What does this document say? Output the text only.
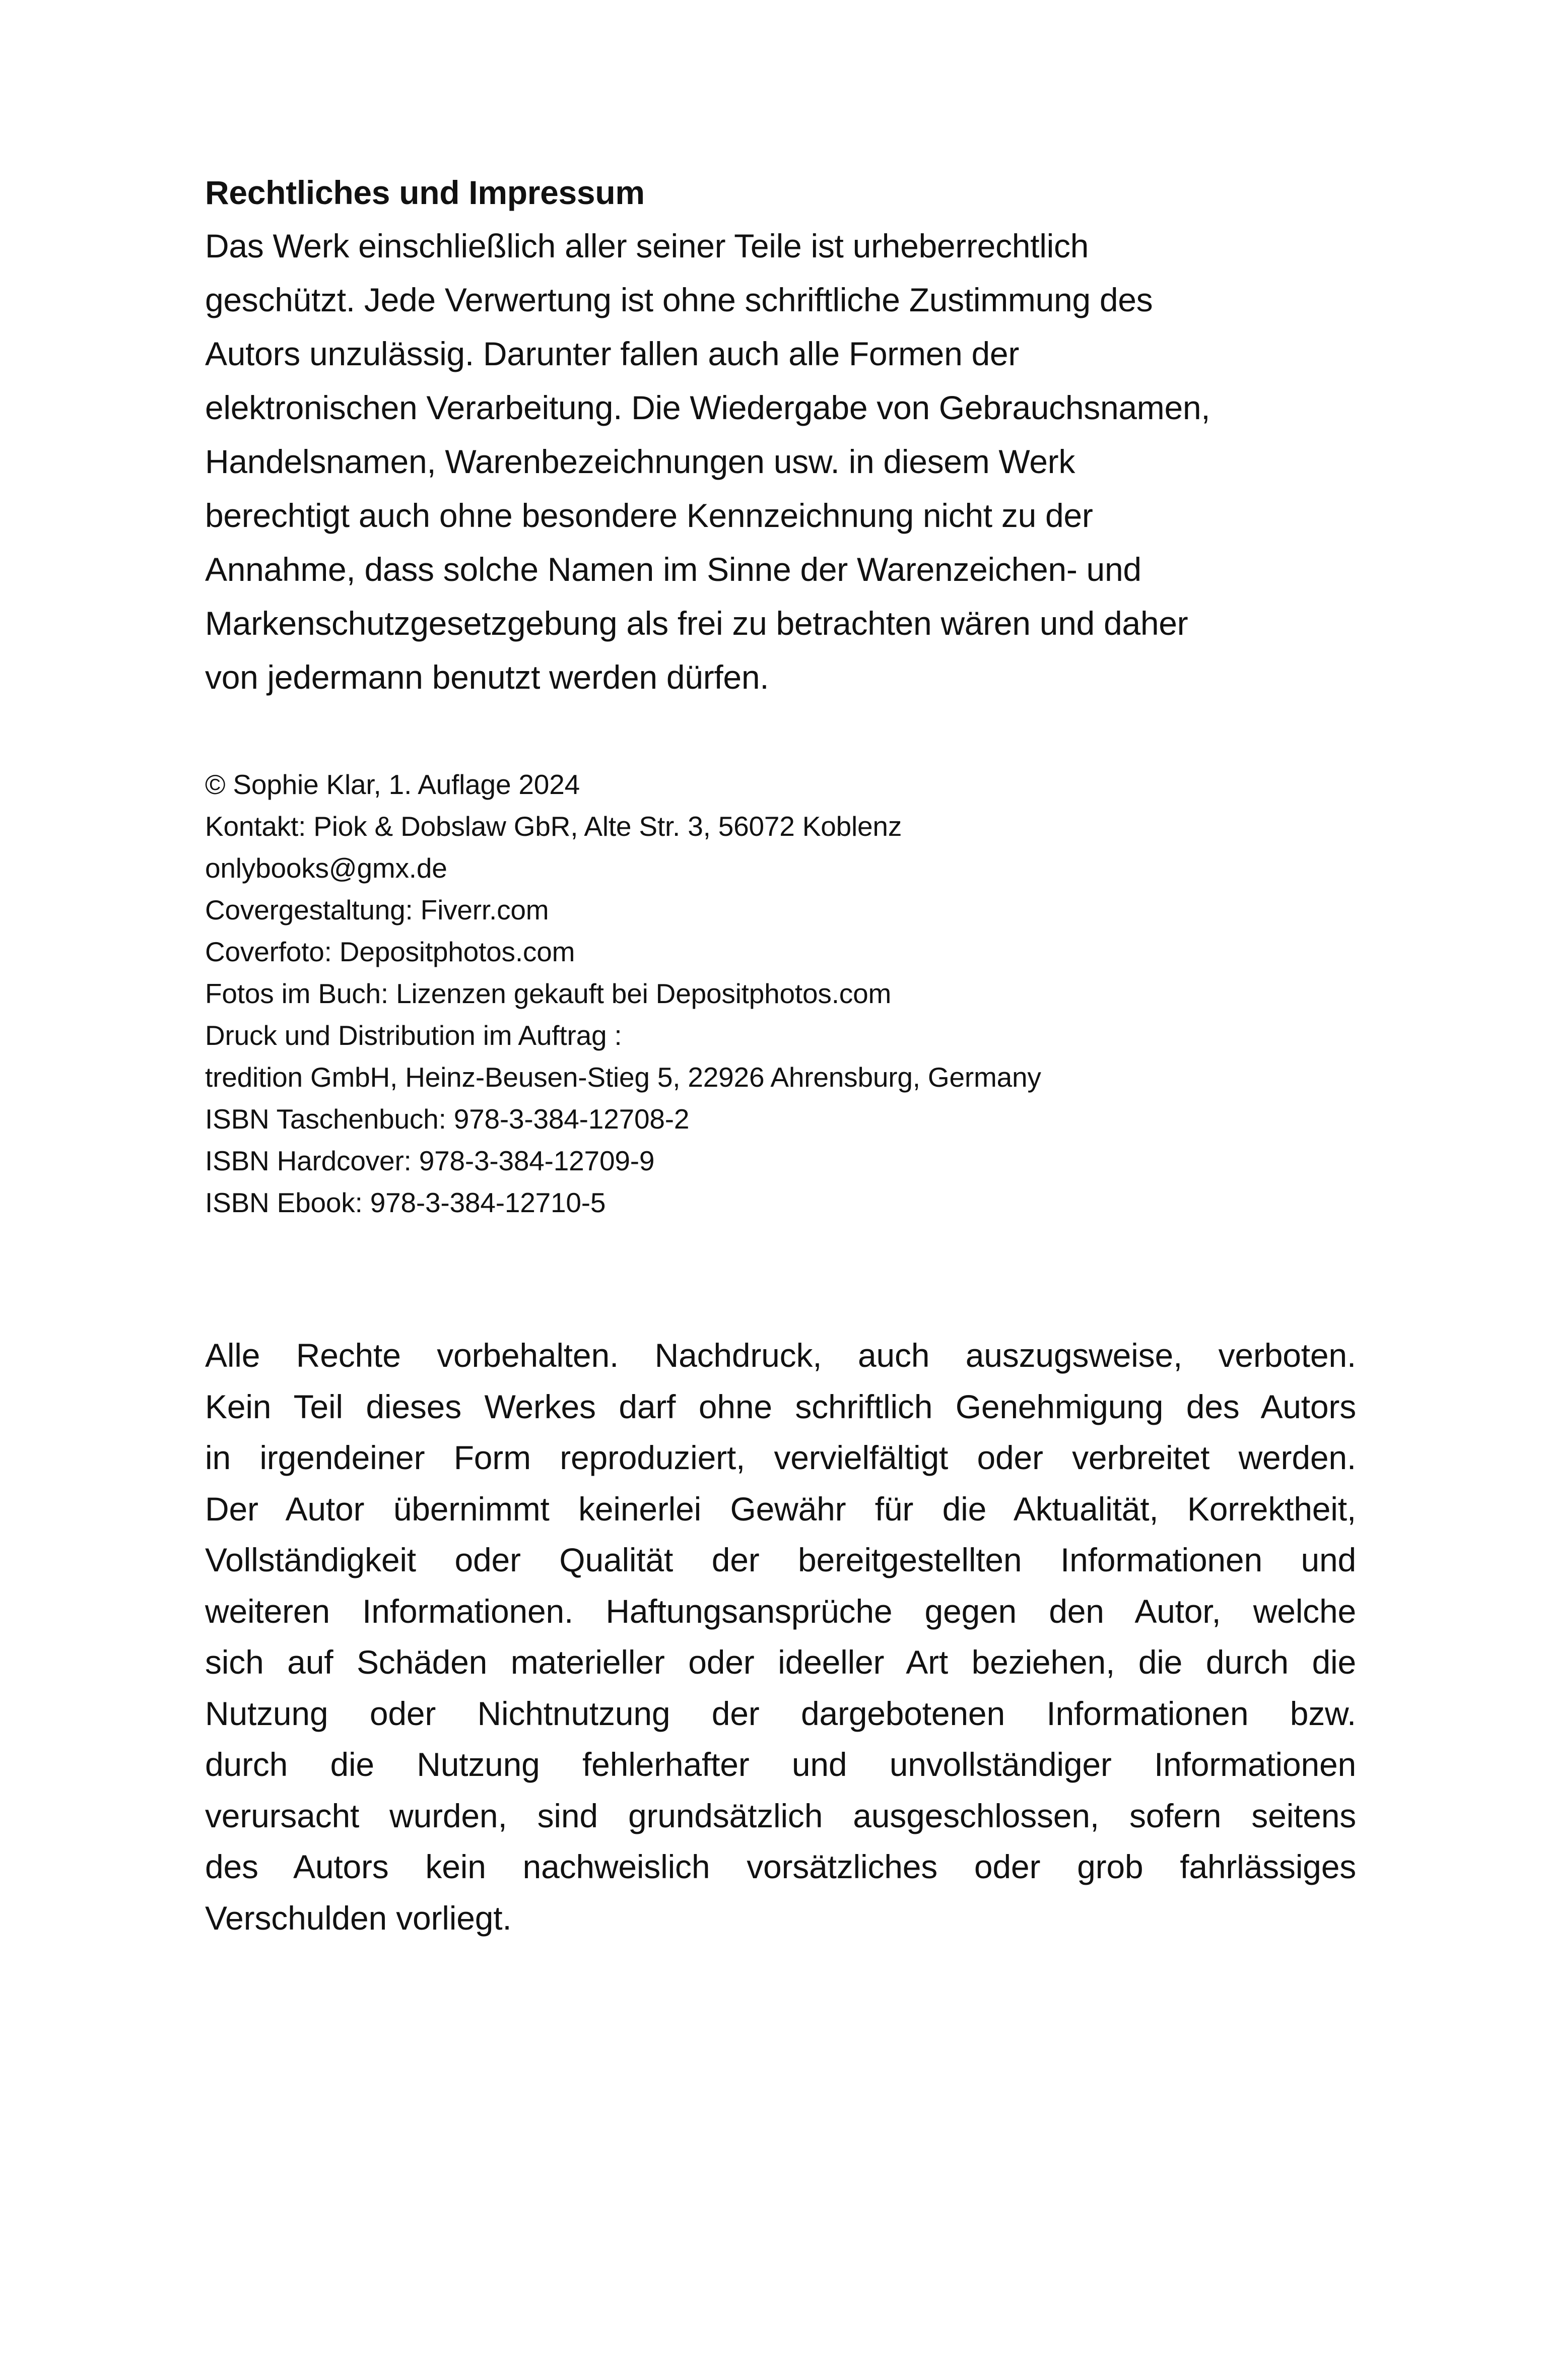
Rechtliches und Impressum

Das Werk einschließlich aller seiner Teile ist urheberrechtlich
geschützt. Jede Verwertung ist ohne schriftliche Zustimmung des
Autors unzulässig. Darunter fallen auch alle Formen der
elektronischen Verarbeitung. Die Wiedergabe von Gebrauchsnamen,
Handelsnamen, Warenbezeichnungen usw. in diesem Werk
berechtigt auch ohne besondere Kennzeichnung nicht zu der
Annahme, dass solche Namen im Sinne der Warenzeichen- und
Markenschutzgesetzgebung als frei zu betrachten wären und daher
von jedermann benutzt werden dürfen.

© Sophie Klar, 1. Auflage 2024
Kontakt: Piok & Dobslaw GbR, Alte Str. 3, 56072 Koblenz
onlybooks@gmx.de
Covergestaltung: Fiverr.com
Coverfoto: Depositphotos.com
Fotos im Buch: Lizenzen gekauft bei Depositphotos.com
Druck und Distribution im Auftrag :
tredition GmbH, Heinz-Beusen-Stieg 5, 22926 Ahrensburg, Germany
ISBN Taschenbuch: 978-3-384-12708-2
ISBN Hardcover: 978-3-384-12709-9
ISBN Ebook: 978-3-384-12710-5
Alle Rechte vorbehalten. Nachdruck, auch auszugsweise, verboten.
Kein Teil dieses Werkes darf ohne schriftlich Genehmigung des Autors
in irgendeiner Form reproduziert, vervielfältigt oder verbreitet werden.
Der Autor übernimmt keinerlei Gewähr für die Aktualität, Korrektheit,
Vollständigkeit oder Qualität der bereitgestellten Informationen und
weiteren Informationen. Haftungsansprüche gegen den Autor, welche
sich auf Schäden materieller oder ideeller Art beziehen, die durch die
Nutzung oder Nichtnutzung der dargebotenen Informationen bzw.
durch die Nutzung fehlerhafter und unvollständiger Informationen
verursacht wurden, sind grundsätzlich ausgeschlossen, sofern seitens
des Autors kein nachweislich vorsätzliches oder grob fahrlässiges
Verschulden vorliegt.
